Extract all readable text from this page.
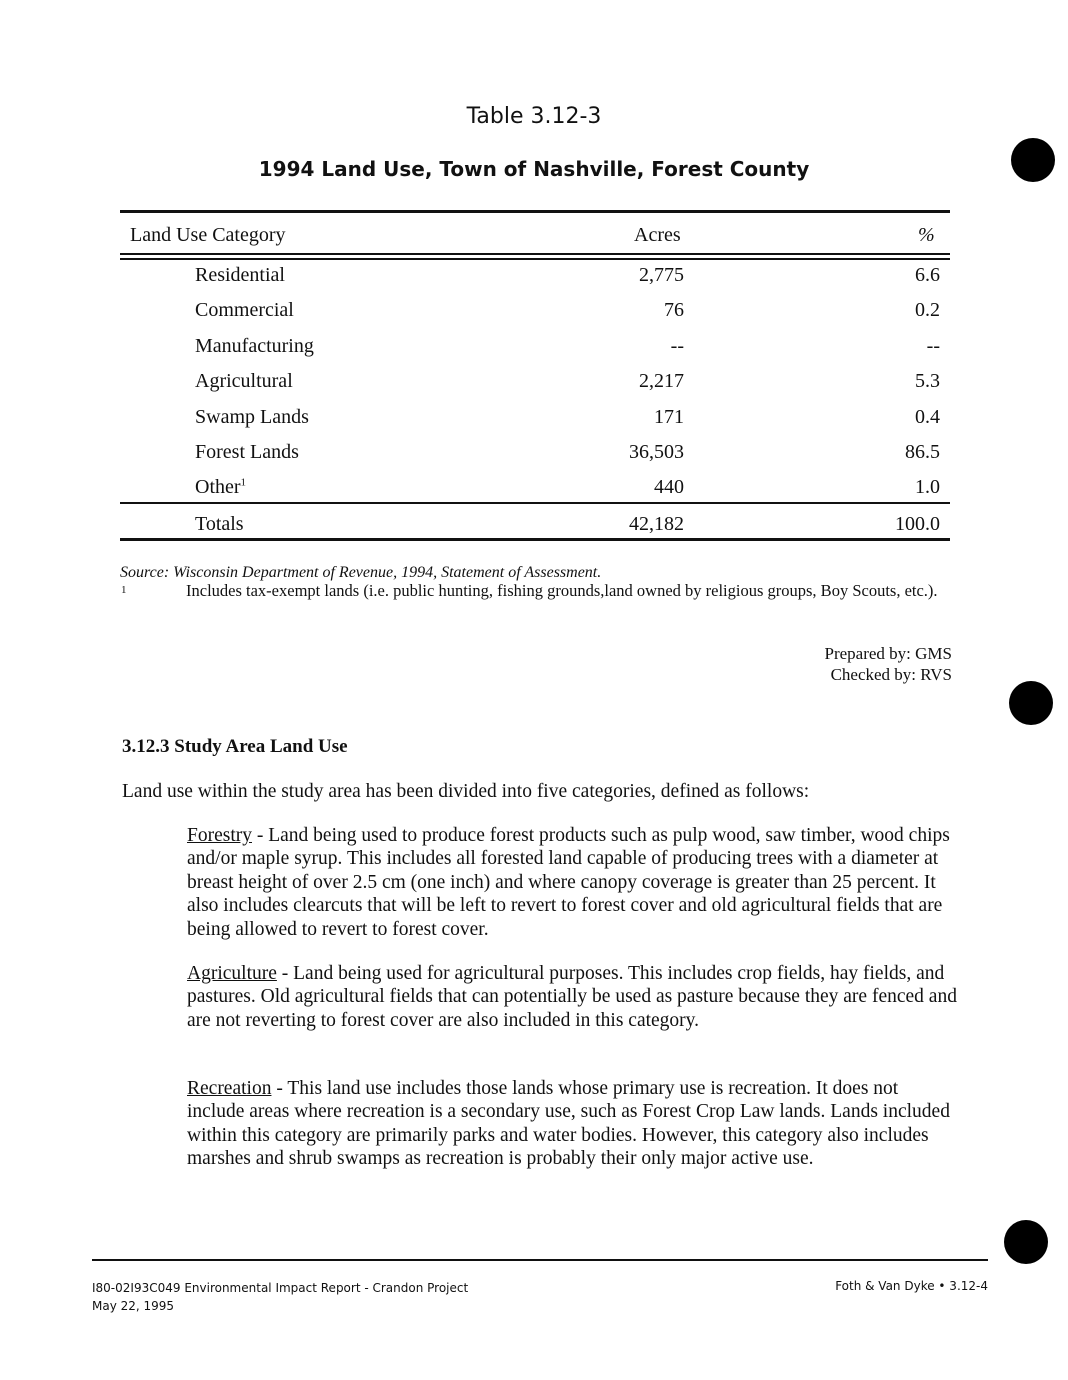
Table 3.12-3
1994 Land Use, Town of Nashville, Forest County
Land Use Category	Acres	%
Residential	2,775	6.6
Commercial	76	0.2
Manufacturing	--	--
Agricultural	2,217	5.3
Swamp Lands	171	0.4
Forest Lands	36,503	86.5
Other$^1$	440	1.0
Totals	42,182	100.0
Source: Wisconsin Department of Revenue, 1994, Statement of Assessment.
1	Includes tax-exempt lands (i.e. public hunting, fishing grounds,land owned by religious groups, Boy Scouts, etc.).
Prepared by: GMS
Checked by: RVS
3.12.3 Study Area Land Use
Land use within the study area has been divided into five categories, defined as follows:
Forestry - Land being used to produce forest products such as pulp wood, saw timber, wood chips and/or maple syrup. This includes all forested land capable of producing trees with a diameter at breast height of over 2.5 cm (one inch) and where canopy coverage is greater than 25 percent. It also includes clearcuts that will be left to revert to forest cover and old agricultural fields that are being allowed to revert to forest cover.
Agriculture - Land being used for agricultural purposes. This includes crop fields, hay fields, and pastures. Old agricultural fields that can potentially be used as pasture because they are fenced and are not reverting to forest cover are also included in this category.
Recreation - This land use includes those lands whose primary use is recreation. It does not include areas where recreation is a secondary use, such as Forest Crop Law lands. Lands included within this category are primarily parks and water bodies. However, this category also includes marshes and shrub swamps as recreation is probably their only major active use.
I80-02I93C049 Environmental Impact Report - Crandon Project
May 22, 1995
Foth & Van Dyke • 3.12-4
